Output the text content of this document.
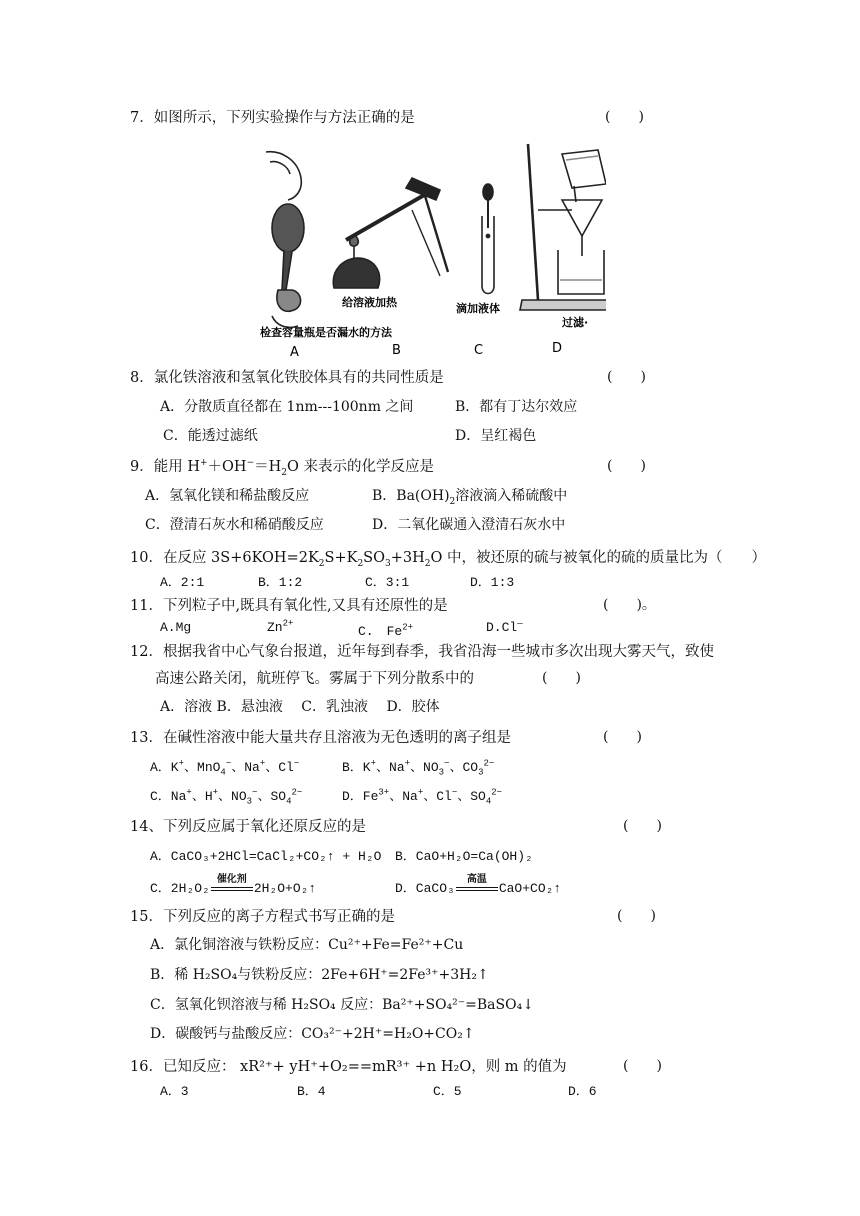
7．如图所示，下列实验操作与方法正确的是	(　　)
检查容量瓶是否漏水的方法
给溶液加热	滴加液体
过滤·
A	B	C	D
8．氯化铁溶液和氢氧化铁胶体具有的共同性质是	(　　)
A．分散质直径都在 1nm---100nm 之间	B．都有丁达尔效应
C．能透过滤纸	D．呈红褐色
9．能用 $H^++OH^-=H_2O$ 来表示的化学反应是	(　　)
A．氢氧化镁和稀盐酸反应	B．$Ba(OH)_2$溶液滴入稀硫酸中
C．澄清石灰水和稀硝酸反应	D．二氧化碳通入澄清石灰水中
10．在反应 $3S+6KOH=2K_2S+K_2SO_3+3H_2O$ 中，被还原的硫与被氧化的硫的质量比为（　　）
A．2:1	B．1:2	C．3:1	D．1:3
11．下列粒子中,既具有氧化性,又具有还原性的是	(　　)。
A.Mg	$Zn^{2+}$
C.　$Fe^{2+}$	D.Cl—
12．根据我省中心气象台报道，近年每到春季，我省沿海一些城市多次出现大雾天气，致使
高速公路关闭，航班停飞。雾属于下列分散系中的	(　　)
A．溶液 B．悬浊液　 C．乳浊液　 D．胶体
13．在碱性溶液中能大量共存且溶液为无色透明的离子组是	(　　)
A．K+、MnO$_4$−、Na+、Cl−	B．K+、Na+、$NO_3^-$、$CO_3^{2-}$
C．Na+、H+、$NO_3^-$、$SO_4^{2-}$	D．$Fe^{3+}$、Na+、Cl−、$SO_4^{2-}$
14、下列反应属于氧化还原反应的是	(　　)
A．CaCO₃+2HCl=CaCl₂+CO₂↑ + H₂O B．CaO+H₂O=Ca(OH)₂
C．2H₂O₂
催化剂
2H₂O+O₂↑	D．CaCO₃
高温
CaO+CO₂↑
15．下列反应的离子方程式书写正确的是	(　　)
A．氯化铜溶液与铁粉反应：Cu²⁺+Fe=Fe²⁺+Cu
B．稀 H₂SO₄与铁粉反应：2Fe+6H⁺=2Fe³⁺+3H₂↑
C．氢氧化钡溶液与稀 H₂SO₄ 反应：Ba²⁺+SO₄²⁻=BaSO₄↓
D．碳酸钙与盐酸反应：CO₃²⁻+2H⁺=H₂O+CO₂↑
16．已知反应： xR²⁺+ yH⁺+O₂==mR³⁺ +n H₂O，则 m 的值为	(　　)
A．3	B．4	C．5	D．6
